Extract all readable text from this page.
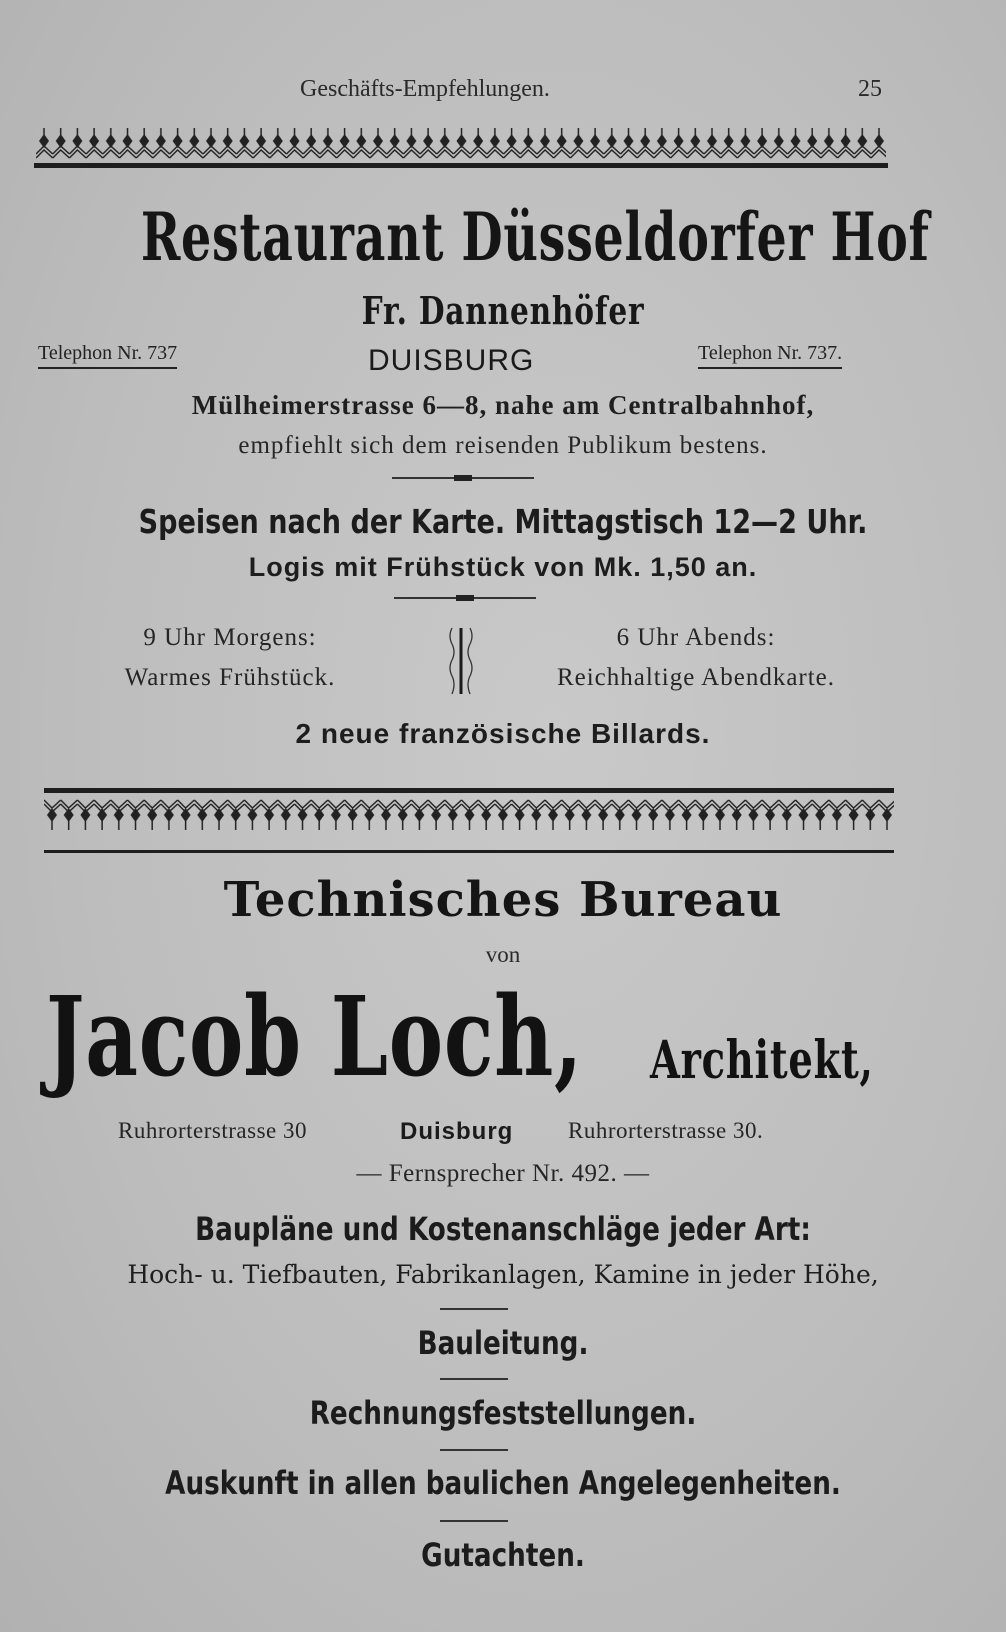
Geschäfts-Empfehlungen.	25
Restaurant Düsseldorfer Hof
Fr. Dannenhöfer
Telephon Nr. 737	Telephon Nr. 737.
DUISBURG
Mülheimerstrasse 6—8, nahe am Centralbahnhof,
empfiehlt sich dem reisenden Publikum bestens.
Speisen nach der Karte. Mittagstisch 12—2 Uhr.
Logis mit Frühstück von Mk. 1,50 an.
9 Uhr Morgens:
Warmes Frühstück.
6 Uhr Abends:
Reichhaltige Abendkarte.
2 neue französische Billards.
Technisches Bureau
von
Jacob Loch, Architekt,
Ruhrorterstrasse 30	Duisburg Ruhrorterstrasse 30.
— Fernsprecher Nr. 492. —
Baupläne und Kostenanschläge jeder Art:
Hoch- u. Tiefbauten, Fabrikanlagen, Kamine in jeder Höhe,
Bauleitung.
Rechnungsfeststellungen.
Auskunft in allen baulichen Angelegenheiten.
Gutachten.
